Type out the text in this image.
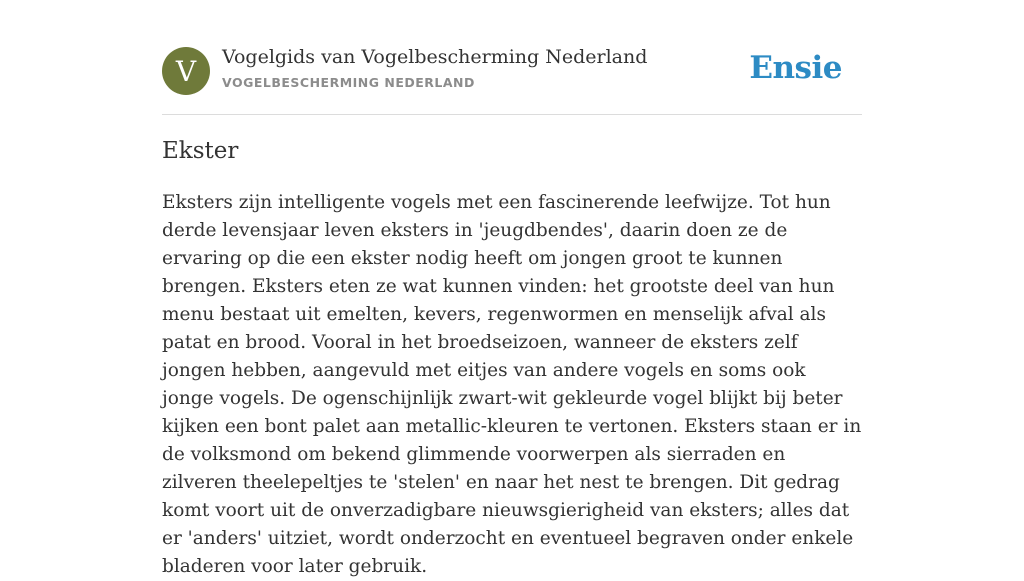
V	Vogelgids van Vogelbescherming Nederland
VOGELBESCHERMING NEDERLAND	Ensie
Ekster

Eksters zijn intelligente vogels met een fascinerende leefwijze. Tot hun derde levensjaar leven eksters in 'jeugdbendes', daarin doen ze de ervaring op die een ekster nodig heeft om jongen groot te kunnen brengen. Eksters eten ze wat kunnen vinden: het grootste deel van hun menu bestaat uit emelten, kevers, regenwormen en menselijk afval als patat en brood. Vooral in het broedseizoen, wanneer de eksters zelf jongen hebben, aangevuld met eitjes van andere vogels en soms ook jonge vogels. De ogenschijnlijk zwart-wit gekleurde vogel blijkt bij beter kijken een bont palet aan metallic-kleuren te vertonen. Eksters staan er in de volksmond om bekend glimmende voorwerpen als sierraden en zilveren theelepeltjes te 'stelen' en naar het nest te brengen. Dit gedrag komt voort uit de onverzadigbare nieuwsgierigheid van eksters; alles dat er 'anders' uitziet, wordt onderzocht en eventueel begraven onder enkele bladeren voor later gebruik.
